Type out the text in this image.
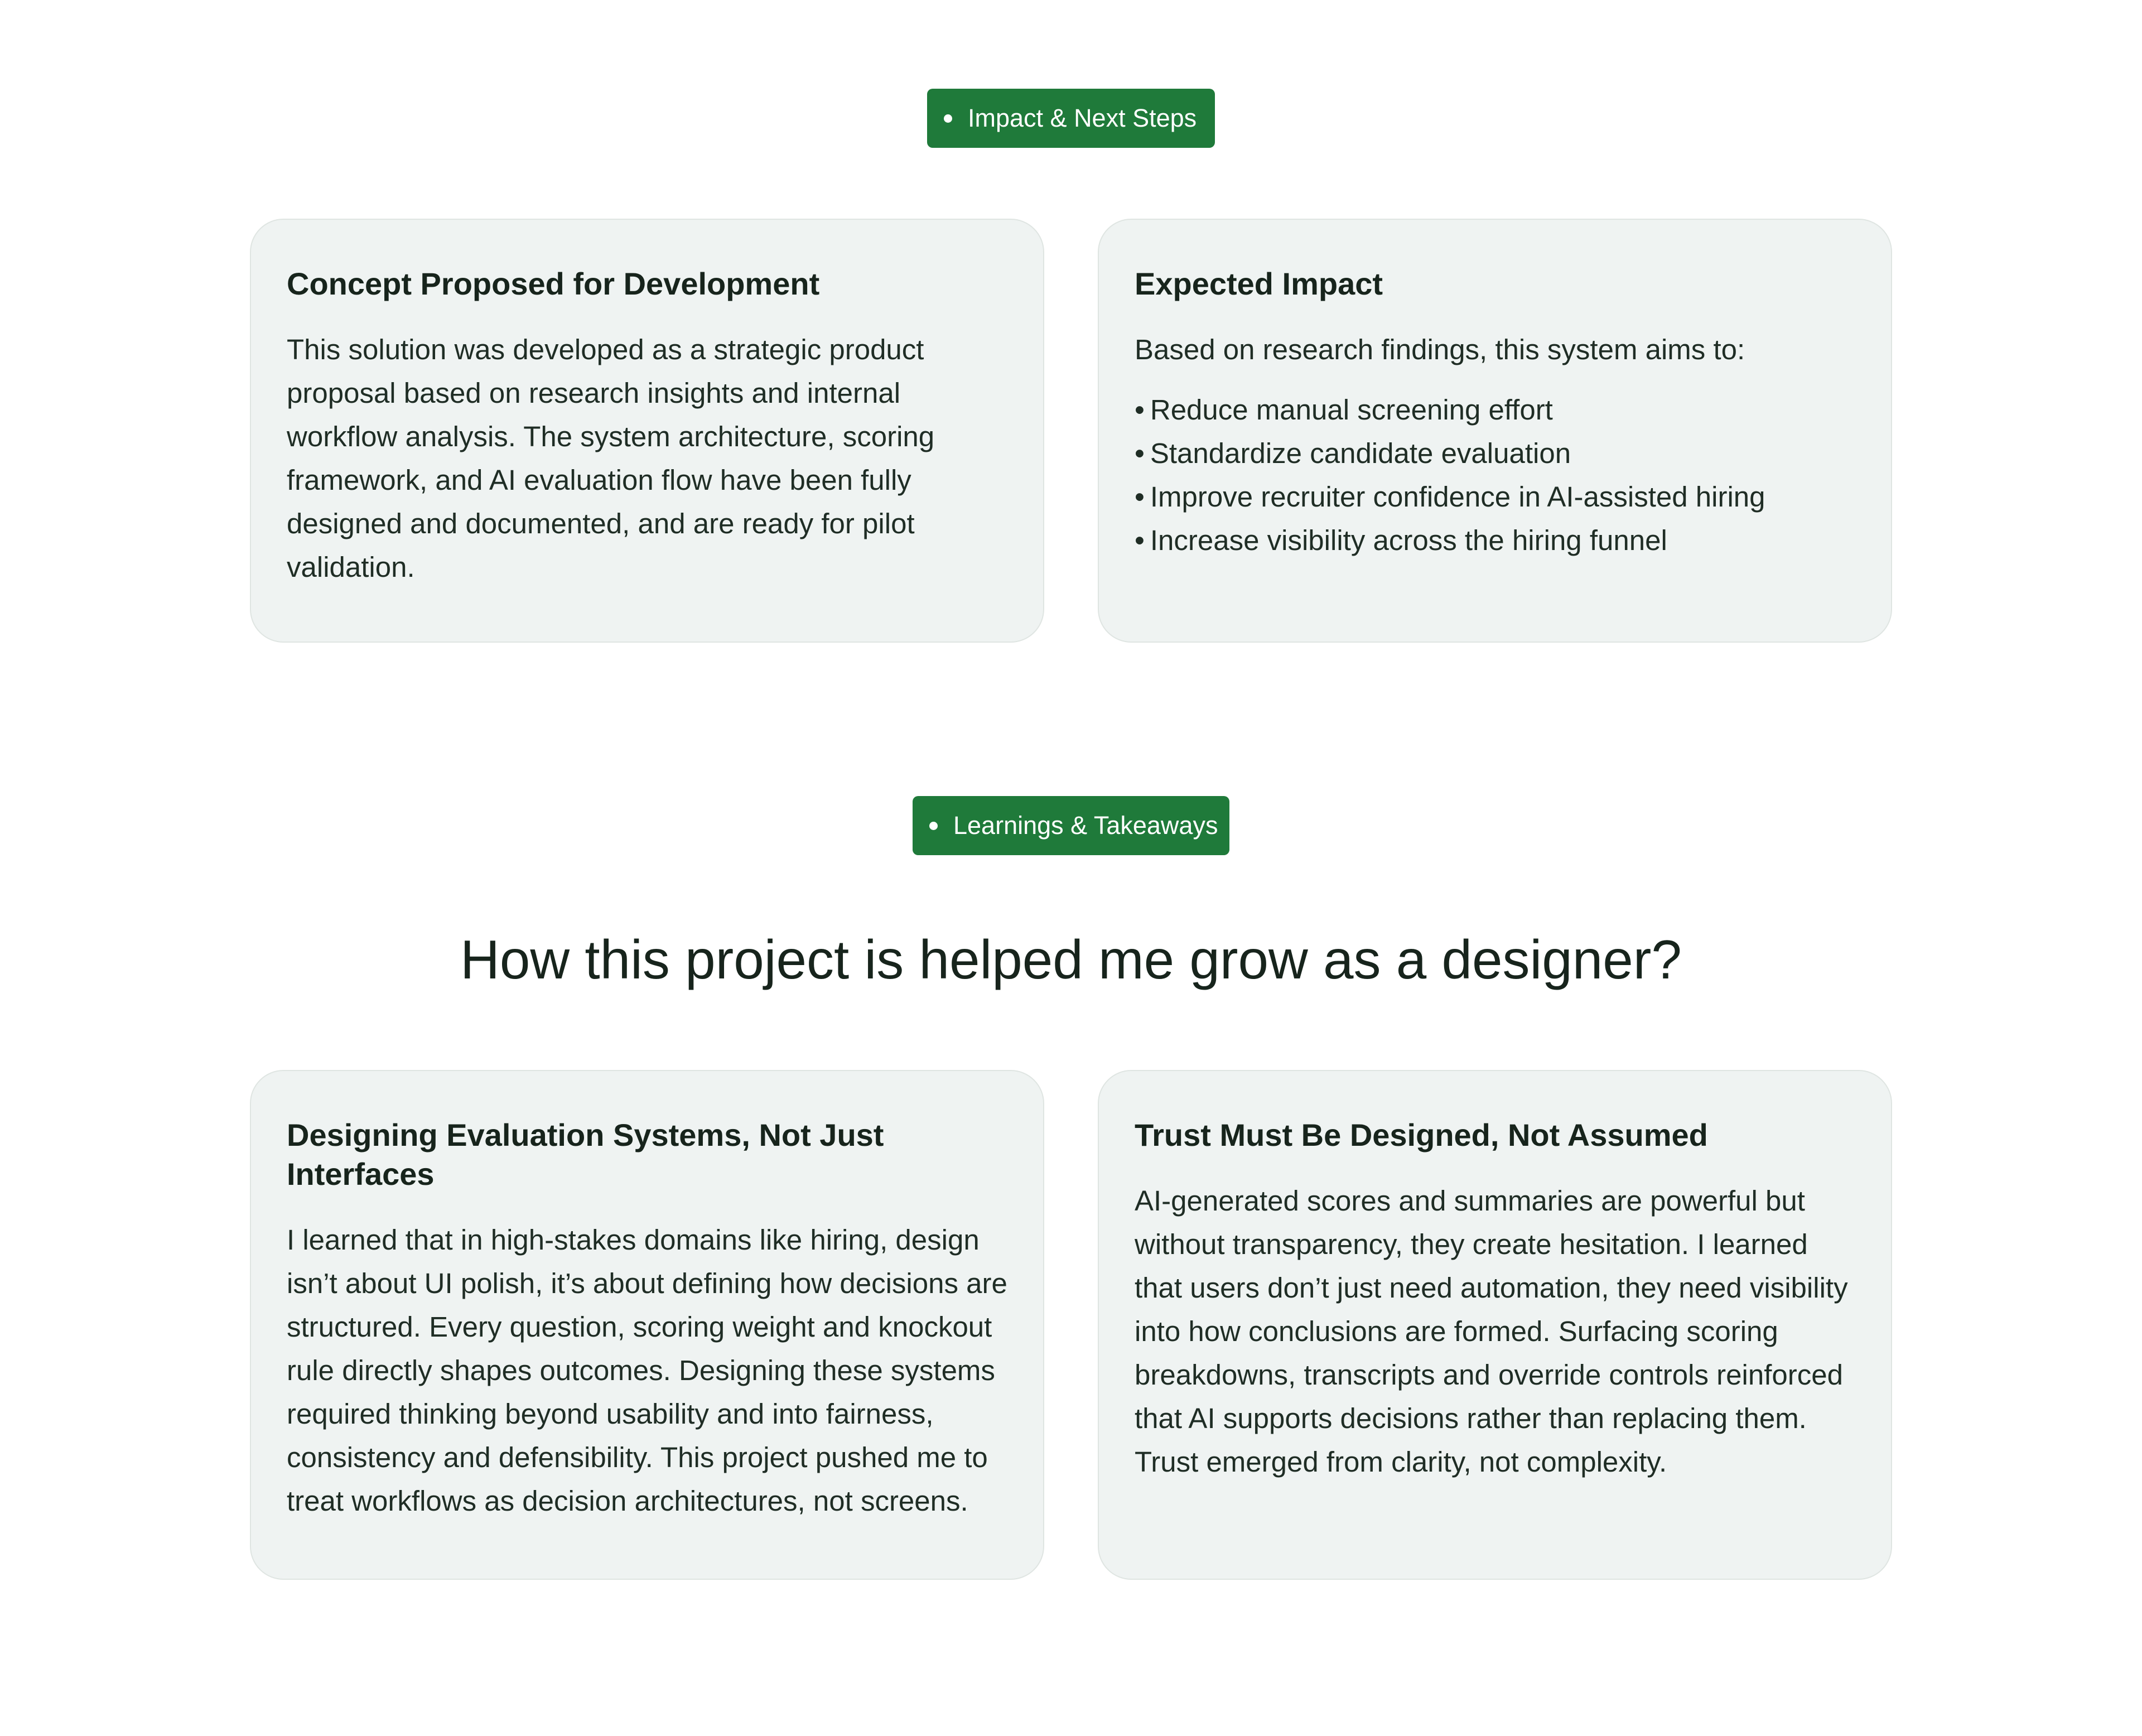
Impact & Next Steps
Concept Proposed for Development

This solution was developed as a strategic product proposal based on research insights and internal workflow analysis. The system architecture, scoring framework, and AI evaluation flow have been fully designed and documented, and are ready for pilot validation.

Expected Impact

Based on research findings, this system aims to:

• Reduce manual screening effort
• Standardize candidate evaluation
• Improve recruiter confidence in AI-assisted hiring
• Increase visibility across the hiring funnel
Learnings & Takeaways
How this project is helped me grow as a designer?
Designing Evaluation Systems, Not Just Interfaces

I learned that in high-stakes domains like hiring, design isn’t about UI polish, it’s about defining how decisions are structured. Every question, scoring weight and knockout rule directly shapes outcomes. Designing these systems required thinking beyond usability and into fairness, consistency and defensibility. This project pushed me to treat workflows as decision architectures, not screens.

Trust Must Be Designed, Not Assumed

AI-generated scores and summaries are powerful but without transparency, they create hesitation. I learned that users don’t just need automation, they need visibility into how conclusions are formed. Surfacing scoring breakdowns, transcripts and override controls reinforced that AI supports decisions rather than replacing them. Trust emerged from clarity, not complexity.
